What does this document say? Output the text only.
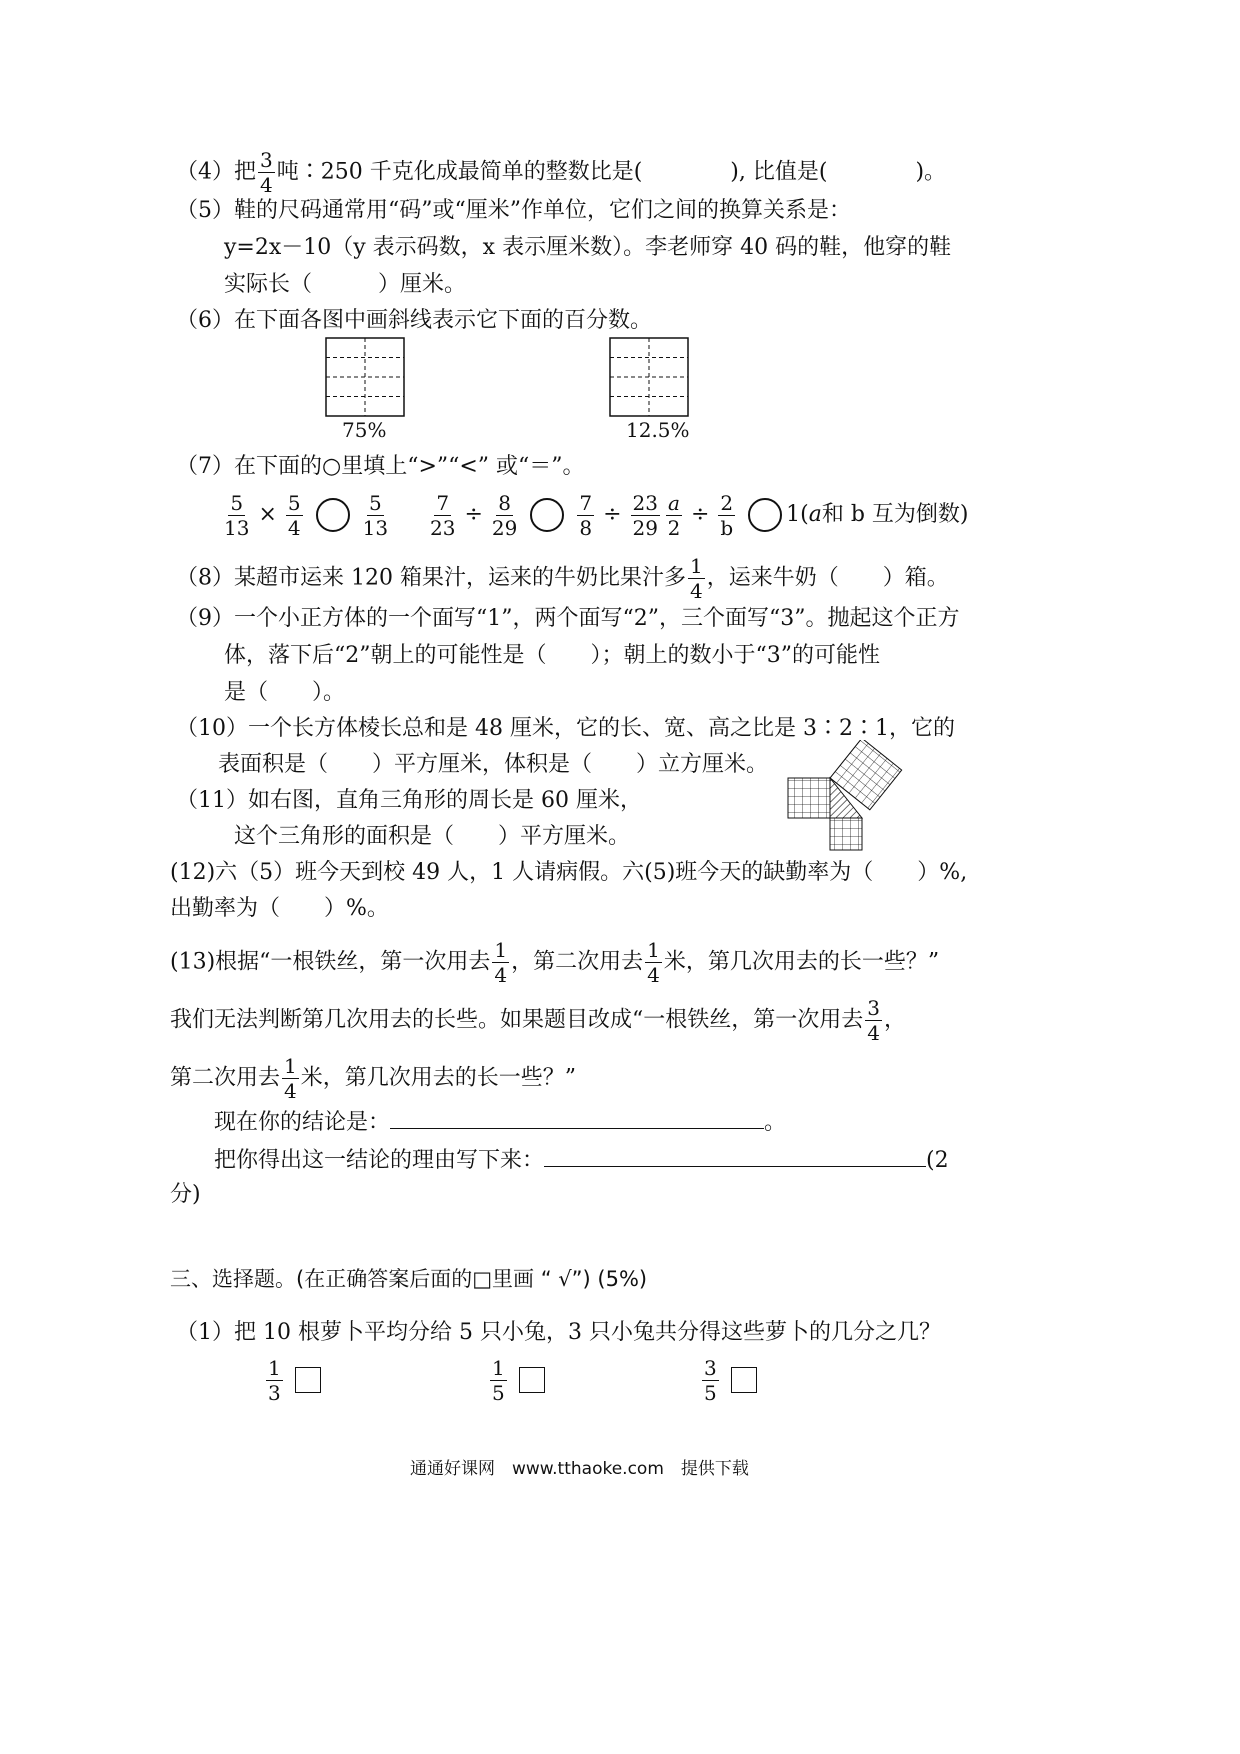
（4）把 $\frac{3}{4}$ 吨∶250 千克化成最简单的整数比是(　　　　), 比值是(　　　　)。
（5）鞋的尺码通常用“码”或“厘米”作单位，它们之间的换算关系是：
y=2x－10（y 表示码数，x 表示厘米数）。李老师穿 40 码的鞋，他穿的鞋
实际长（　　　）厘米。
（6）在下面各图中画斜线表示它下面的百分数。
75%	12.5%
（7）在下面的○里填上“>”“<” 或“＝”。
$\frac{5}{13} \times \frac{5}{4}$
	$\frac{5}{13} \frac{7}{23} \div \frac{8}{29}$
	$\frac{7}{8} \div \frac{23}{29} \frac{a}{2} \div \frac{2}{b} 1(a$和 b 互为倒数)
（8）某超市运来 120 箱果汁，运来的牛奶比果汁多 $\frac{1}{4}$ ，运来牛奶（　　）箱。
（9）一个小正方体的一个面写“1”，两个面写“2”，三个面写“3”。抛起这个正方
体，落下后“2”朝上的可能性是（　　）；朝上的数小于“3”的可能性
是（　　）。
（10）一个长方体棱长总和是 48 厘米，它的长、宽、高之比是 3∶2∶1，它的
表面积是（　　）平方厘米，体积是（　　）立方厘米。
（11）如右图，直角三角形的周长是 60 厘米，
这个三角形的面积是（　　）平方厘米。
(12)六（5）班今天到校 49 人，1 人请病假。六(5)班今天的缺勤率为（　　）%,
出勤率为（　　）%。
(13)根据“一根铁丝，第一次用去 $\frac{1}{4}$ ，第二次用去 $\frac{1}{4}$ 米，第几次用去的长一些？”
我们无法判断第几次用去的长些。如果题目改成“一根铁丝，第一次用去 $\frac{3}{4}$ ，
第二次用去 $\frac{1}{4}$ 米，第几次用去的长一些？”
现在你的结论是：	。
把你得出这一结论的理由写下来：	(2
分)
三、选择题。(在正确答案后面的□里画 “ √”) (5%)
（1）把 10 根萝卜平均分给 5 只小兔，3 只小兔共分得这些萝卜的几分之几？
$\frac{1}{3}$	$\frac{1}{5}$	$\frac{3}{5}$
通通好课网　www.tthaoke.com　提供下载
